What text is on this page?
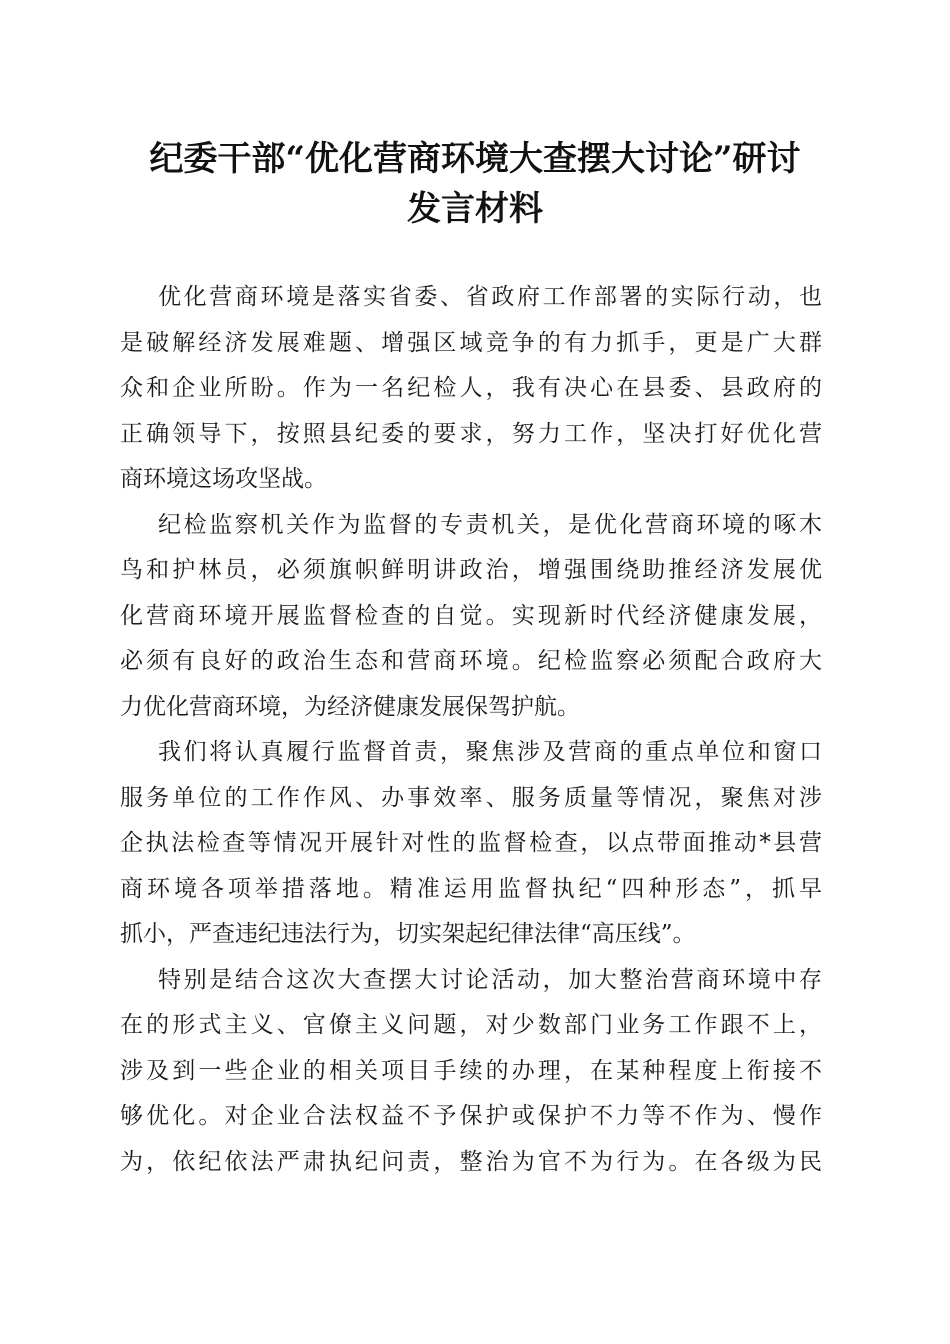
纪委干部“优化营商环境大查摆大讨论”研讨
发言材料
优化营商环境是落实省委、省政府工作部署的实际行动，也
是破解经济发展难题、增强区域竞争的有力抓手，更是广大群
众和企业所盼。作为一名纪检人，我有决心在县委、县政府的
正确领导下，按照县纪委的要求，努力工作，坚决打好优化营
商环境这场攻坚战。
纪检监察机关作为监督的专责机关，是优化营商环境的啄木
鸟和护林员，必须旗帜鲜明讲政治，增强围绕助推经济发展优
化营商环境开展监督检查的自觉。实现新时代经济健康发展，
必须有良好的政治生态和营商环境。纪检监察必须配合政府大
力优化营商环境，为经济健康发展保驾护航。
我们将认真履行监督首责，聚焦涉及营商的重点单位和窗口
服务单位的工作作风、办事效率、服务质量等情况，聚焦对涉
企执法检查等情况开展针对性的监督检查，以点带面推动*县营
商环境各项举措落地。精准运用监督执纪“四种形态”，抓早
抓小，严查违纪违法行为，切实架起纪律法律“高压线”。
特别是结合这次大查摆大讨论活动，加大整治营商环境中存
在的形式主义、官僚主义问题，对少数部门业务工作跟不上，
涉及到一些企业的相关项目手续的办理，在某种程度上衔接不
够优化。对企业合法权益不予保护或保护不力等不作为、慢作
为，依纪依法严肃执纪问责，整治为官不为行为。在各级为民
